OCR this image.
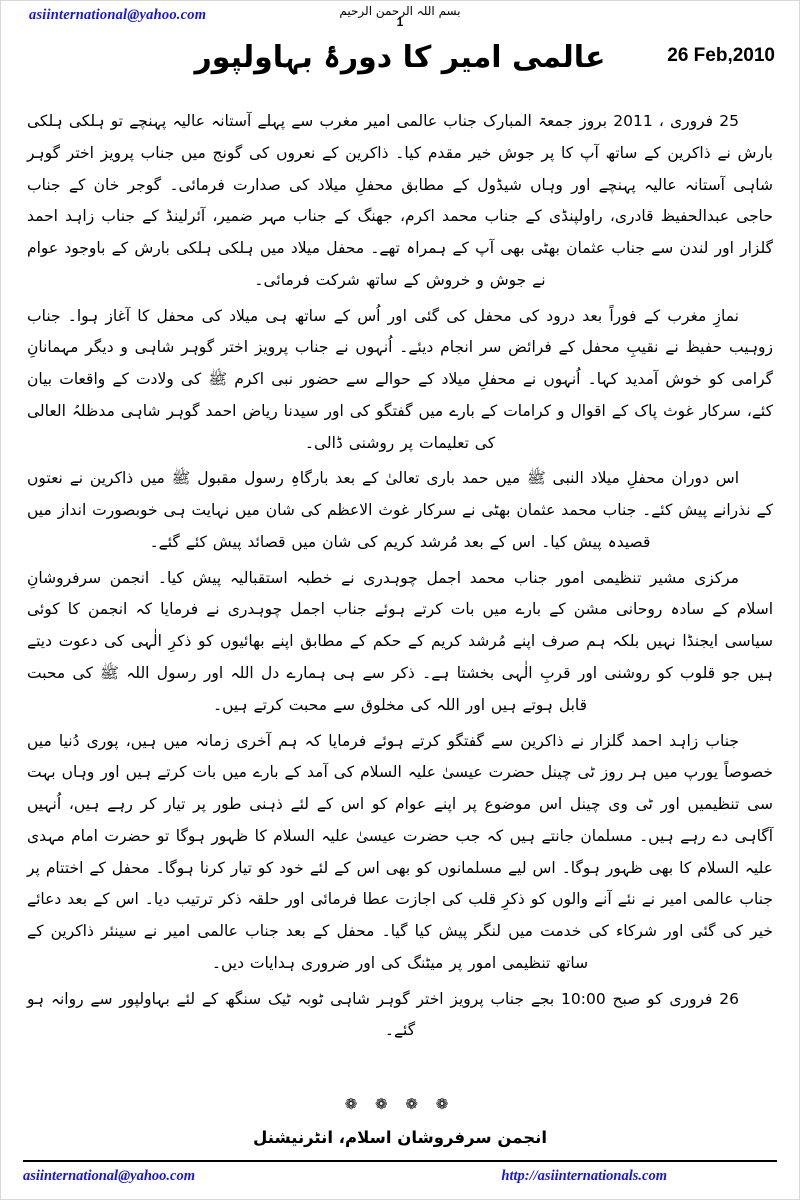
asiinternational@yahoo.com	بسم اللہ الرحمن الرحیم
1
عالمی امیر کا دورۂ بہاولپور	26 Feb,2010

25 فروری ، 2011 بروز جمعۃ المبارک جناب عالمی امیر مغرب سے پہلے آستانہ عالیہ پہنچے تو ہلکی ہلکی بارش نے ذاکرین کے ساتھ آپ کا پر جوش خیر مقدم کیا۔ ذاکرین کے نعروں کی گونج میں جناب پرویز اختر گوہر شاہی آستانہ عالیہ پہنچے اور وہاں شیڈول کے مطابق محفلِ میلاد کی صدارت فرمائی۔ گوجر خان کے جناب حاجی عبدالحفیظ قادری، راولپنڈی کے جناب محمد اکرم، جھنگ کے جناب مہر ضمیر، آئرلینڈ کے جناب زاہد احمد گلزار اور لندن سے جناب عثمان بھٹی بھی آپ کے ہمراہ تھے۔ محفل میلاد میں ہلکی ہلکی بارش کے باوجود عوام نے جوش و خروش کے ساتھ شرکت فرمائی۔

نمازِ مغرب کے فوراً بعد درود کی محفل کی گئی اور اُس کے ساتھ ہی میلاد کی محفل کا آغاز ہوا۔ جناب زوہیب حفیظ نے نقیبِ محفل کے فرائض سر انجام دیئے۔ اُنہوں نے جناب پرویز اختر گوہر شاہی و دیگر مہمانانِ گرامی کو خوش آمدید کہا۔ اُنہوں نے محفلِ میلاد کے حوالے سے حضور نبی اکرم ﷺ کی ولادت کے واقعات بیان کئے، سرکار غوث پاک کے اقوال و کرامات کے بارے میں گفتگو کی اور سیدنا ریاض احمد گوہر شاہی مدظلہُ العالی کی تعلیمات پر روشنی ڈالی۔

اس دوران محفلِ میلاد النبی ﷺ میں حمد باری تعالیٰ کے بعد بارگاہِ رسول مقبول ﷺ میں ذاکرین نے نعتوں کے نذرانے پیش کئے۔ جناب محمد عثمان بھٹی نے سرکار غوث الاعظم کی شان میں نہایت ہی خوبصورت انداز میں قصیدہ پیش کیا۔ اس کے بعد مُرشد کریم کی شان میں قصائد پیش کئے گئے۔

مرکزی مشیر تنظیمی امور جناب محمد اجمل چوہدری نے خطبہ استقبالیہ پیش کیا۔ انجمن سرفروشانِ اسلام کے سادہ روحانی مشن کے بارے میں بات کرتے ہوئے جناب اجمل چوہدری نے فرمایا کہ انجمن کا کوئی سیاسی ایجنڈا نہیں بلکہ ہم صرف اپنے مُرشد کریم کے حکم کے مطابق اپنے بھائیوں کو ذکرِ الٰہی کی دعوت دیتے ہیں جو قلوب کو روشنی اور قربِ الٰہی بخشتا ہے۔ ذکر سے ہی ہمارے دل اللہ اور رسول اللہ ﷺ کی محبت قابل ہوتے ہیں اور اللہ کی مخلوق سے محبت کرتے ہیں۔

جناب زاہد احمد گلزار نے ذاکرین سے گفتگو کرتے ہوئے فرمایا کہ ہم آخری زمانہ میں ہیں، پوری دُنیا میں خصوصاً یورپ میں ہر روز ٹی چینل حضرت عیسیٰ علیہ السلام کی آمد کے بارے میں بات کرتے ہیں اور وہاں بہت سی تنظیمیں اور ٹی وی چینل اس موضوع پر اپنے عوام کو اس کے لئے ذہنی طور پر تیار کر رہے ہیں، اُنہیں آگاہی دے رہے ہیں۔ مسلمان جانتے ہیں کہ جب حضرت عیسیٰ علیہ السلام کا ظہور ہوگا تو حضرت امام مہدی علیہ السلام کا بھی ظہور ہوگا۔ اس لیے مسلمانوں کو بھی اس کے لئے خود کو تیار کرنا ہوگا۔ محفل کے اختتام پر جناب عالمی امیر نے نئے آنے والوں کو ذکرِ قلب کی اجازت عطا فرمائی اور حلقہ ذکر ترتیب دیا۔ اس کے بعد دعائے خیر کی گئی اور شرکاء کی خدمت میں لنگر پیش کیا گیا۔ محفل کے بعد جناب عالمی امیر نے سینئر ذاکرین کے ساتھ تنظیمی امور پر میٹنگ کی اور ضروری ہدایات دیں۔

26 فروری کو صبح 10:00 بجے جناب پرویز اختر گوہر شاہی ٹوبہ ٹیک سنگھ کے لئے بہاولپور سے روانہ ہو گئے۔

❁ ❁ ❁ ❁
انجمن سرفروشان اسلام، انٹرنیشنل
asiinternational@yahoo.com	http://asiinternationals.com
